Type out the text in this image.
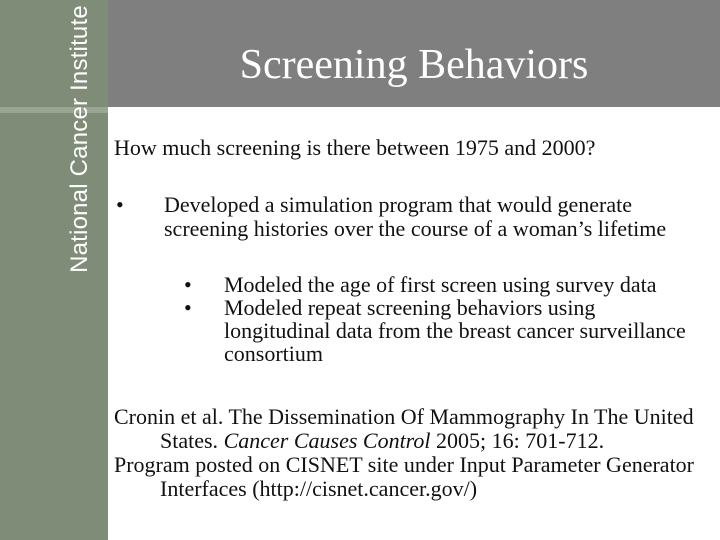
National Cancer Institute	Screening Behaviors

How much screening is there between 1975 and 2000?

• Developed a simulation program that would generate screening histories over the course of a woman’s lifetime
• Modeled the age of first screen using survey data
• Modeled repeat screening behaviors using longitudinal data from the breast cancer surveillance consortium

Cronin et al. The Dissemination Of Mammography In The United States. Cancer Causes Control 2005; 16: 701-712.

Program posted on CISNET site under Input Parameter Generator Interfaces (http://cisnet.cancer.gov/)
